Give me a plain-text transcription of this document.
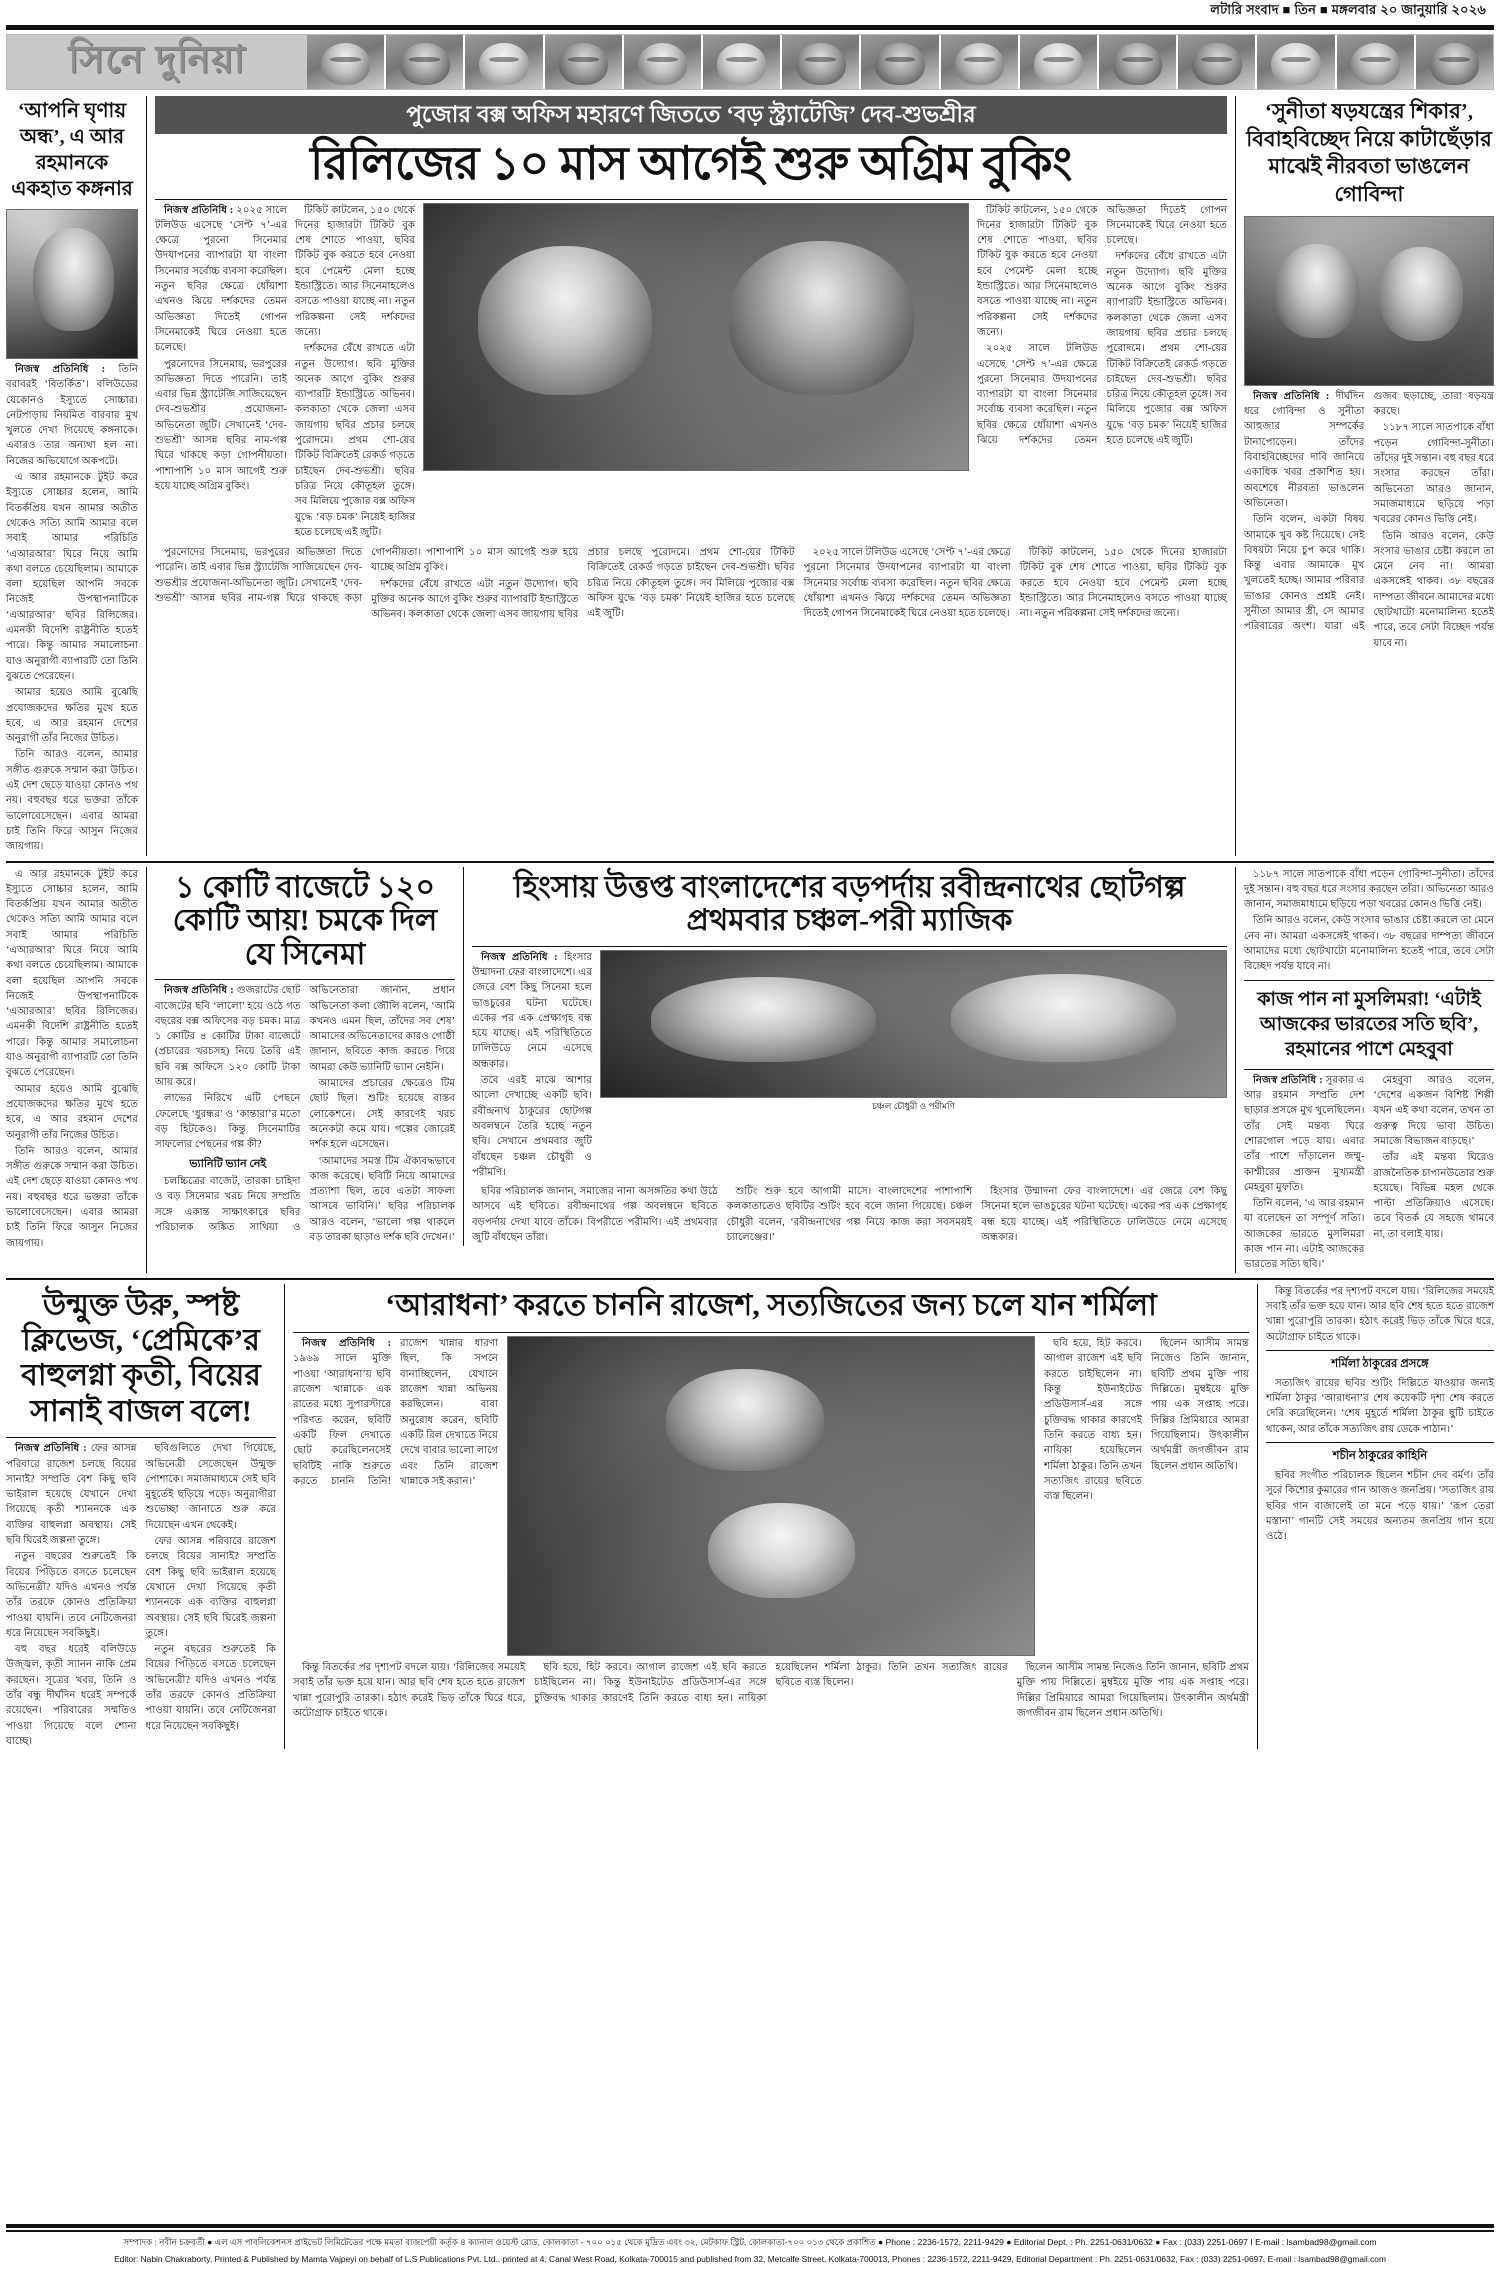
লটারি সংবাদ ■ তিন ■ মঙ্গলবার ২০ জানুয়ারি ২০২৬
সিনে দুনিয়া
‘আপনি ঘৃণায় অন্ধ’, এ আর রহমানকে একহাত কঙ্গনার

নিজস্ব প্রতিনিধি : তিনি বরাবরই ‘বিতর্কিত’। বলিউডের যেকোনও ইস্যুতে সোচ্চার। নেটপাড়ায় নিয়মিত বারবার মুখ খুলতে দেখা গিয়েছে কঙ্গনাকে। এবারও তার অন্যথা হল না। নিজের অভিযোগে অকপটে।

এ আর রহমানকে টুইট করে ইস্যুতে সোচ্চার হলেন, আমি বিতর্কপ্রিয় যখন আমার অতীত থেকেও সত্যি আমি আমার বলে সবাই আমার পরিচিতি ‘এআরআর’ ঘিরে নিয়ে আমি কথা বলতে চেয়েছিলাম। আমাকে বলা হয়েছিল আপনি সবকে নিজেই উপস্থাপনাটিকে ‘এআরআর’ ছবির রিলিজের। এমনকী বিদেশি রাষ্ট্রনীতি হতেই পারে। কিন্তু আমার সমালোচনা যাও অনুরাগী ব্যাপারটি তো তিনি বুঝতে পেরেছেন।

আমার হয়েও আমি বুঝেছি প্রযোজকদের ক্ষতির মুখে হতে হবে, এ আর রহমান দেশের অনুরাগী তাঁর নিজের উচিত।

তিনি আরও বলেন, আমার সঙ্গীত গুরুকে সম্মান করা উচিত। এই দেশ ছেড়ে যাওয়া কোনও পথ নয়। বহুবছর ধরে ভক্তরা তাঁকে ভালোবেসেছেন। এবার আমরা চাই তিনি ফিরে আসুন নিজের জায়গায়।

পুজোর বক্স অফিস মহারণে জিততে ‘বড় স্ট্র্যাটেজি’ দেব-শুভশ্রীর
রিলিজের ১০ মাস আগেই শুরু অগ্রিম বুকিং

নিজস্ব প্রতিনিধি : ২০২৫ সালে টলিউড এসেছে ‘সেপ্ট ৭’-এর ক্ষেত্রে পুরনো সিনেমার উদযাপনের ব্যাপারটা যা বাংলা সিনেমার সর্বোচ্চ ব্যবসা করেছিল। নতুন ছবির ক্ষেত্রে ধোঁয়াশা এখনও ঝিয়ে দর্শকদের তেমন অভিজ্ঞতা দিতেই গোপন সিনেমাকেই ঘিরে নেওয়া হতে চলেছে।

পুরনোদের সিনেমায়, ভরপুরের অভিজ্ঞতা দিতে পারেনি। তাই এবার ভিন্ন স্ট্র্যাটেজি সাজিয়েছেন দেব-শুভশ্রীর প্রযোজনা-অভিনেতা জুটি। সেখানেই ‘দেব-শুভশ্রী’ আসন্ন ছবির নাম-গল্প ঘিরে থাকছে কড়া গোপনীয়তা। পাশাপাশি ১০ মাস আগেই শুরু হয়ে যাচ্ছে অগ্রিম বুকিং।

টিকিট কাটলেন, ১৫০ থেকে দিনের হাজারটা টিকিট বুক শেষ শোতে পাওয়া, ছবির টিকিট বুক করতে হবে নেওয়া হবে পেমেন্ট মেলা হচ্ছে ইন্ডাস্ট্রিতে। আর সিনেমাহলেও বসতে পাওয়া যাচ্ছে না। নতুন পরিকল্পনা সেই দর্শকদের জন্যে।

দর্শকদের বেঁধে রাখতে এটা নতুন উদ্যোগ। ছবি মুক্তির অনেক আগে বুকিং শুরুর ব্যাপারটি ইন্ডাস্ট্রিতে অভিনব। কলকাতা থেকে জেলা এসব জায়গায় ছবির প্রচার চলছে পুরোদমে। প্রথম শো-য়ের টিকিট বিক্রিতেই রেকর্ড গড়তে চাইছেন দেব-শুভশ্রী। ছবির চরিত্র নিয়ে কৌতূহল তুঙ্গে। সব মিলিয়ে পুজোর বক্স অফিস যুদ্ধে ‘বড় চমক’ নিয়েই হাজির হতে চলেছে এই জুটি।

টিকিট কাটলেন, ১৫০ থেকে দিনের হাজারটা টিকিট বুক শেষ শোতে পাওয়া, ছবির টিকিট বুক করতে হবে নেওয়া হবে পেমেন্ট মেলা হচ্ছে ইন্ডাস্ট্রিতে। আর সিনেমাহলেও বসতে পাওয়া যাচ্ছে না। নতুন পরিকল্পনা সেই দর্শকদের জন্যে।

২০২৫ সালে টলিউড এসেছে ‘সেপ্ট ৭’-এর ক্ষেত্রে পুরনো সিনেমার উদযাপনের ব্যাপারটা যা বাংলা সিনেমার সর্বোচ্চ ব্যবসা করেছিল। নতুন ছবির ক্ষেত্রে ধোঁয়াশা এখনও ঝিয়ে দর্শকদের তেমন অভিজ্ঞতা দিতেই গোপন সিনেমাকেই ঘিরে নেওয়া হতে চলেছে।

দর্শকদের বেঁধে রাখতে এটা নতুন উদ্যোগ। ছবি মুক্তির অনেক আগে বুকিং শুরুর ব্যাপারটি ইন্ডাস্ট্রিতে অভিনব। কলকাতা থেকে জেলা এসব জায়গায় ছবির প্রচার চলছে পুরোদমে। প্রথম শো-য়ের টিকিট বিক্রিতেই রেকর্ড গড়তে চাইছেন দেব-শুভশ্রী। ছবির চরিত্র নিয়ে কৌতূহল তুঙ্গে। সব মিলিয়ে পুজোর বক্স অফিস যুদ্ধে ‘বড় চমক’ নিয়েই হাজির হতে চলেছে এই জুটি।

পুরনোদের সিনেমায়, ভরপুরের অভিজ্ঞতা দিতে পারেনি। তাই এবার ভিন্ন স্ট্র্যাটেজি সাজিয়েছেন দেব-শুভশ্রীর প্রযোজনা-অভিনেতা জুটি। সেখানেই ‘দেব-শুভশ্রী’ আসন্ন ছবির নাম-গল্প ঘিরে থাকছে কড়া গোপনীয়তা। পাশাপাশি ১০ মাস আগেই শুরু হয়ে যাচ্ছে অগ্রিম বুকিং।

দর্শকদের বেঁধে রাখতে এটা নতুন উদ্যোগ। ছবি মুক্তির অনেক আগে বুকিং শুরুর ব্যাপারটি ইন্ডাস্ট্রিতে অভিনব। কলকাতা থেকে জেলা এসব জায়গায় ছবির প্রচার চলছে পুরোদমে। প্রথম শো-য়ের টিকিট বিক্রিতেই রেকর্ড গড়তে চাইছেন দেব-শুভশ্রী। ছবির চরিত্র নিয়ে কৌতূহল তুঙ্গে। সব মিলিয়ে পুজোর বক্স অফিস যুদ্ধে ‘বড় চমক’ নিয়েই হাজির হতে চলেছে এই জুটি।

২০২৫ সালে টলিউড এসেছে ‘সেপ্ট ৭’-এর ক্ষেত্রে পুরনো সিনেমার উদযাপনের ব্যাপারটা যা বাংলা সিনেমার সর্বোচ্চ ব্যবসা করেছিল। নতুন ছবির ক্ষেত্রে ধোঁয়াশা এখনও ঝিয়ে দর্শকদের তেমন অভিজ্ঞতা দিতেই গোপন সিনেমাকেই ঘিরে নেওয়া হতে চলেছে।

টিকিট কাটলেন, ১৫০ থেকে দিনের হাজারটা টিকিট বুক শেষ শোতে পাওয়া, ছবির টিকিট বুক করতে হবে নেওয়া হবে পেমেন্ট মেলা হচ্ছে ইন্ডাস্ট্রিতে। আর সিনেমাহলেও বসতে পাওয়া যাচ্ছে না। নতুন পরিকল্পনা সেই দর্শকদের জন্যে।

‘সুনীতা ষড়যন্ত্রের শিকার’, বিবাহবিচ্ছেদ নিয়ে কাটাছেঁড়ার মাঝেই নীরবতা ভাঙলেন গোবিন্দা

নিজস্ব প্রতিনিধি : দীর্ঘদিন ধরে গোবিন্দা ও সুনীতা আহুজার সম্পর্কের টানাপোড়েন। তাঁদের বিবাহবিচ্ছেদের দাবি জানিয়ে একাধিক খবর প্রকাশিত হয়। অবশেষে নীরবতা ভাঙলেন অভিনেতা।

তিনি বলেন, একটা বিষয় আমাকে খুব কষ্ট দিয়েছে। সেই বিষয়টা নিয়ে চুপ করে থাকি। কিন্তু এবার আমাকে মুখ খুলতেই হচ্ছে। আমার পরিবার ভাঙার কোনও প্রশ্নই নেই। সুনীতা আমার স্ত্রী, সে আমার পরিবারের অংশ। যারা এই গুজব ছড়াচ্ছে, তারা ষড়যন্ত্র করছে।

১১৮৭ সালে সাতপাকে বাঁধা পড়েন গোবিন্দা-সুনীতা। তাঁদের দুই সন্তান। বহু বছর ধরে সংসার করছেন তাঁরা। অভিনেতা আরও জানান, সমাজমাধ্যমে ছড়িয়ে পড়া খবরের কোনও ভিত্তি নেই।

তিনি আরও বলেন, কেউ সংসার ভাঙার চেষ্টা করলে তা মেনে নেব না। আমরা একসঙ্গেই থাকব। ৩৮ বছরের দাম্পত্য জীবনে আমাদের মধ্যে ছোটখাটো মনোমালিন্য হতেই পারে, তবে সেটা বিচ্ছেদ পর্যন্ত যাবে না।

এ আর রহমানকে টুইট করে ইস্যুতে সোচ্চার হলেন, আমি বিতর্কপ্রিয় যখন আমার অতীত থেকেও সত্যি আমি আমার বলে সবাই আমার পরিচিতি ‘এআরআর’ ঘিরে নিয়ে আমি কথা বলতে চেয়েছিলাম। আমাকে বলা হয়েছিল আপনি সবকে নিজেই উপস্থাপনাটিকে ‘এআরআর’ ছবির রিলিজের। এমনকী বিদেশি রাষ্ট্রনীতি হতেই পারে। কিন্তু আমার সমালোচনা যাও অনুরাগী ব্যাপারটি তো তিনি বুঝতে পেরেছেন।

আমার হয়েও আমি বুঝেছি প্রযোজকদের ক্ষতির মুখে হতে হবে, এ আর রহমান দেশের অনুরাগী তাঁর নিজের উচিত।

তিনি আরও বলেন, আমার সঙ্গীত গুরুকে সম্মান করা উচিত। এই দেশ ছেড়ে যাওয়া কোনও পথ নয়। বহুবছর ধরে ভক্তরা তাঁকে ভালোবেসেছেন। এবার আমরা চাই তিনি ফিরে আসুন নিজের জায়গায়।

১ কোটি বাজেটে ১২০ কোটি আয়! চমকে দিল যে সিনেমা

নিজস্ব প্রতিনিধি : গুজরাটের ছোট বাজেটের ছবি ‘লালো’ হয়ে ওঠে গত বছরের বক্স অফিসের বড় চমক। মাত্র ১ কোটির ৪ কোটির টাকা বাজেটে (প্রচারের খরচসহ) নিয়ে তৈরি এই ছবি বক্স অফিসে ১২০ কোটি টাকা আয় করে।

লাভের নিরিখে এটি পেছনে ফেলেছে ‘ধুরন্ধর’ ও ‘কান্তারা’র মতো বড় হিটকেও। কিন্তু সিনেমাটির সাফল্যের পেছনের গল্প কী?

ভ্যানিটি ভ্যান নেই

চলচ্চিত্রের বাজেট, তারকা চাহিদা ও বড় সিনেমার খরচ নিয়ে সম্প্রতি সঙ্গে একান্ত সাক্ষাৎকারে ছবির পরিচালক অঙ্কিত সাথিয়া ও অভিনেতারা জানান, প্রধান অভিনেতা কলা জৌলি বলেন, ‘আমি কখনও এমন ছিল, তাঁদের সব শেষ’ আমাদের অভিনেতাদের কারও গোষ্ঠী জানান, ছবিতে কাজ করতে গিয়ে আমরা কেউ ভ্যানিটি ভ্যান নেইনি।

আমাদের প্রচারের ক্ষেত্রেও টিম ছোট ছিল। শুটিং হয়েছে বাস্তব লোকেশনে। সেই কারণেই খরচ অনেকটা কমে যায়। গল্পের জোরেই দর্শক হলে এসেছেন।

‘আমাদের সমস্ত টিম ঐক্যবদ্ধভাবে কাজ করেছে। ছবিটি নিয়ে আমাদের প্রত্যাশা ছিল, তবে এতটা সাফল্য আসবে ভাবিনি।’ ছবির পরিচালক আরও বলেন, ‘ভালো গল্প থাকলে বড় তারকা ছাড়াও দর্শক ছবি দেখেন।’

হিংসায় উত্তপ্ত বাংলাদেশের বড়পর্দায় রবীন্দ্রনাথের ছোটগল্প প্রথমবার চঞ্চল-পরী ম্যাজিক

নিজস্ব প্রতিনিধি : হিংসার উন্মাদনা ফের বাংলাদেশে। এর জেরে বেশ কিছু সিনেমা হলে ভাঙচুরের ঘটনা ঘটেছে। একের পর এক প্রেক্ষাগৃহ বন্ধ হয়ে যাচ্ছে। এই পরিস্থিতিতে ঢালিউডে নেমে এসেছে অন্ধকার।

তবে এরই মাঝে আশার আলো দেখাচ্ছে একটি ছবি। রবীন্দ্রনাথ ঠাকুরের ছোটগল্প অবলম্বনে তৈরি হচ্ছে নতুন ছবি। সেখানে প্রথমবার জুটি বাঁধছেন চঞ্চল চৌধুরী ও পরীমণি।

চঞ্চল চৌধুরী ও পরীমণি

ছবির পরিচালক জানান, সমাজের নানা অসঙ্গতির কথা উঠে আসবে এই ছবিতে। রবীন্দ্রনাথের গল্প অবলম্বনে ছবিতে বড়পর্দায় দেখা যাবে তাঁকে। বিপরীতে পরীমণি। এই প্রথমবার জুটি বাঁধছেন তাঁরা।

শুটিং শুরু হবে আগামী মাসে। বাংলাদেশের পাশাপাশি কলকাতাতেও ছবিটির শুটিং হবে বলে জানা গিয়েছে। চঞ্চল চৌধুরী বলেন, ‘রবীন্দ্রনাথের গল্প নিয়ে কাজ করা সবসময়ই চ্যালেঞ্জের।’

হিংসার উন্মাদনা ফের বাংলাদেশে। এর জেরে বেশ কিছু সিনেমা হলে ভাঙচুরের ঘটনা ঘটেছে। একের পর এক প্রেক্ষাগৃহ বন্ধ হয়ে যাচ্ছে। এই পরিস্থিতিতে ঢালিউডে নেমে এসেছে অন্ধকার।

১১৮৭ সালে সাতপাকে বাঁধা পড়েন গোবিন্দা-সুনীতা। তাঁদের দুই সন্তান। বহু বছর ধরে সংসার করছেন তাঁরা। অভিনেতা আরও জানান, সমাজমাধ্যমে ছড়িয়ে পড়া খবরের কোনও ভিত্তি নেই।

তিনি আরও বলেন, কেউ সংসার ভাঙার চেষ্টা করলে তা মেনে নেব না। আমরা একসঙ্গেই থাকব। ৩৮ বছরের দাম্পত্য জীবনে আমাদের মধ্যে ছোটখাটো মনোমালিন্য হতেই পারে, তবে সেটা বিচ্ছেদ পর্যন্ত যাবে না।

কাজ পান না মুসলিমরা! ‘এটাই আজকের ভারতের সতি ছবি’, রহমানের পাশে মেহবুবা

নিজস্ব প্রতিনিধি : সুরকার এ আর রহমান সম্প্রতি দেশ ছাড়ার প্রসঙ্গে মুখ খুলেছিলেন। তাঁর সেই মন্তব্য ঘিরে শোরগোল পড়ে যায়। এবার তাঁর পাশে দাঁড়ালেন জম্মু-কাশ্মীরের প্রাক্তন মুখ্যমন্ত্রী মেহবুবা মুফতি।

তিনি বলেন, ‘এ আর রহমান যা বলেছেন তা সম্পূর্ণ সত্যি। আজকের ভারতে মুসলিমরা কাজ পান না। এটাই আজকের ভারতের সত্যি ছবি।’

মেহবুবা আরও বলেন, ‘দেশের একজন বিশিষ্ট শিল্পী যখন এই কথা বলেন, তখন তা গুরুত্ব দিয়ে ভাবা উচিত। সমাজে বিভাজন বাড়ছে।’

তাঁর এই মন্তব্য ঘিরেও রাজনৈতিক চাপানউতোর শুরু হয়েছে। বিভিন্ন মহল থেকে পাল্টা প্রতিক্রিয়াও এসেছে। তবে বিতর্ক যে সহজে থামবে না, তা বলাই যায়।

উন্মুক্ত উরু, স্পষ্ট ক্লিভেজ, ‘প্রেমিকে’র বাহুলগ্না কৃতী, বিয়ের সানাই বাজল বলে!

নিজস্ব প্রতিনিধি : ফের আসন্ন পরিবারে রাজেশ চলছে বিয়ের সানাই? সম্প্রতি বেশ কিছু ছবি ভাইরাল হয়েছে যেখানে দেখা গিয়েছে কৃতী শ্যাননকে এক ব্যক্তির বাহুলগ্না অবস্থায়। সেই ছবি ঘিরেই জল্পনা তুঙ্গে।

নতুন বছরের শুরুতেই কি বিয়ের পিঁড়িতে বসতে চলেছেন অভিনেত্রী? যদিও এখনও পর্যন্ত তাঁর তরফে কোনও প্রতিক্রিয়া পাওয়া যায়নি। তবে নেটিজেনরা ধরে নিয়েছেন সবকিছুই।

বহু বছর ধরেই বলিউডে উজ্জ্বল, কৃতী স্যানন নাকি প্রেম করছেন। সূত্রের খবর, তিনি ও তাঁর বন্ধু দীর্ঘদিন ধরেই সম্পর্কে রয়েছেন। পরিবারের সম্মতিও পাওয়া গিয়েছে বলে শোনা যাচ্ছে।

ছবিগুলিতে দেখা গিয়েছে, অভিনেত্রী সেজেছেন উন্মুক্ত পোশাকে। সমাজমাধ্যমে সেই ছবি মুহূর্তেই ছড়িয়ে পড়ে। অনুরাগীরা শুভেচ্ছা জানাতে শুরু করে দিয়েছেন এখন থেকেই।

ফের আসন্ন পরিবারে রাজেশ চলছে বিয়ের সানাই? সম্প্রতি বেশ কিছু ছবি ভাইরাল হয়েছে যেখানে দেখা গিয়েছে কৃতী শ্যাননকে এক ব্যক্তির বাহুলগ্না অবস্থায়। সেই ছবি ঘিরেই জল্পনা তুঙ্গে।

নতুন বছরের শুরুতেই কি বিয়ের পিঁড়িতে বসতে চলেছেন অভিনেত্রী? যদিও এখনও পর্যন্ত তাঁর তরফে কোনও প্রতিক্রিয়া পাওয়া যায়নি। তবে নেটিজেনরা ধরে নিয়েছেন সবকিছুই।

‘আরাধনা’ করতে চাননি রাজেশ, সত্যজিতের জন্য চলে যান শর্মিলা

নিজস্ব প্রতিনিধি : ১৯৬৯ সালে মুক্তি পাওয়া ‘আরাধনা’য় ছবি রাজেশ খান্নাকে এক রাতের মধ্যে সুপারস্টারে পরিণত করেন, ছবিটি একটি ফিল দেখাতে ছোট করেছিলেনসেই ছবিটিই নাকি শুরুতে করতে চাননি তিনি! রাজেশ খান্নার ধারণা ছিল, কি সপনে বানাচ্ছিলেন, যেখানে রাজেশ খান্না অভিনয় করছিলেন। বাবা অনুরোধ করেন, ছবিটি একটি রিল দেখাতে নিয়ে দেখে বাবার ভালো লাগে এবং তিনি রাজেশ খান্নাকে সই করান।’

ছবি হয়ে, হিট করবে। আগাল রাজেশ এই ছবি করতে চাইছিলেন না। কিন্তু ইউনাইটেড প্রডিউসার্স-এর সঙ্গে চুক্তিবদ্ধ থাকার কারণেই তিনি করতে বাধ্য হন। নায়িকা হয়েছিলেন শর্মিলা ঠাকুর। তিনি তখন সত্যজিৎ রায়ের ছবিতে ব্যস্ত ছিলেন।

ছিলেন আসীম সামন্ত নিজেও তিনি জানান, ছবিটি প্রথম মুক্তি পায় দিল্লিতে। মুম্বইয়ে মুক্তি পায় এক সপ্তাহ পরে। দিল্লির প্রিমিয়ারে আমরা গিয়েছিলাম। উৎকালীন অর্থমন্ত্রী জগজীবন রাম ছিলেন প্রধান অতিথি।

কিন্তু বিতর্কের পর দৃশ্যপট বদলে যায়। ‘রিলিজের সময়েই সবাই তাঁর ভক্ত হয়ে যান। আর ছবি শেষ হতে হতে রাজেশ খান্না পুরোপুরি তারকা। হঠাৎ করেই ভিড় তাঁকে ঘিরে ধরে, অটোগ্রাফ চাইতে থাকে।

ছবি হয়ে, হিট করবে। আগাল রাজেশ এই ছবি করতে চাইছিলেন না। কিন্তু ইউনাইটেড প্রডিউসার্স-এর সঙ্গে চুক্তিবদ্ধ থাকার কারণেই তিনি করতে বাধ্য হন। নায়িকা হয়েছিলেন শর্মিলা ঠাকুর। তিনি তখন সত্যজিৎ রায়ের ছবিতে ব্যস্ত ছিলেন।

ছিলেন আসীম সামন্ত নিজেও তিনি জানান, ছবিটি প্রথম মুক্তি পায় দিল্লিতে। মুম্বইয়ে মুক্তি পায় এক সপ্তাহ পরে। দিল্লির প্রিমিয়ারে আমরা গিয়েছিলাম। উৎকালীন অর্থমন্ত্রী জগজীবন রাম ছিলেন প্রধান অতিথি।

কিন্তু বিতর্কের পর দৃশ্যপট বদলে যায়। ‘রিলিজের সময়েই সবাই তাঁর ভক্ত হয়ে যান। আর ছবি শেষ হতে হতে রাজেশ খান্না পুরোপুরি তারকা। হঠাৎ করেই ভিড় তাঁকে ঘিরে ধরে, অটোগ্রাফ চাইতে থাকে।

শর্মিলা ঠাকুরের প্রসঙ্গে

সত্যজিৎ রায়ের ছবির শুটিং দিল্লিতে যাওয়ার জন্যই শর্মিলা ঠাকুর ‘আরাধনা’র শেষ কয়েকটি দৃশ্য শেষ করতে দেরি করেছিলেন। ‘শেষ মুহূর্তে শর্মিলা ঠাকুর ছুটি চাইতে থাকেন, আর তাঁকে সত্যজিৎ রায় ডেকে পাঠান।’

শচীন ঠাকুরের কাহিনি

ছবির সংগীত পরিচালক ছিলেন শচীন দেব বর্মণ। তাঁর সুরে কিশোর কুমারের গান আজও জনপ্রিয়। ‘সত্যজিৎ রায় ছবির গান বাজালেই তা মনে পড়ে যায়।’ ‘রূপ তেরা মস্তানা’ গানটি সেই সময়ের অন্যতম জনপ্রিয় গান হয়ে ওঠে।

সম্পাদক : নবীন চক্রবর্তী ● এল এস পাবলিকেশনস প্রাইভেট লিমিটেডের পক্ষে মমতা বাজপেয়ী কর্তৃক ৪ ক্যানাল ওয়েস্ট রোড, কোলকাতা - ৭০০ ০১৫ থেকে মুদ্রিত এবং ৩২, মেটকাফ স্ট্রিট, কোলকাতা-৭০০ ০১৩ থেকে প্রকাশিত ● Phone : 2236-1572, 2211-9429 ● Editorial Dept. : Ph. 2251-0631/0632 ● Fax : (033) 2251-0697 I E-mail : lsambad98@gmail.com
Editor: Nabin Chakraborty, Printed & Published by Mamta Vajpeyi on behalf of L.S Publications Pvt. Ltd., printed at 4, Canal West Road, Kolkata-700015 and published from 32, Metcalfe Street, Kolkata-700013, Phones : 2236-1572, 2211-9429, Editorial Department : Ph. 2251-0631/0632, Fax : (033) 2251-0697, E-mail : lsambad98@gmail.com
